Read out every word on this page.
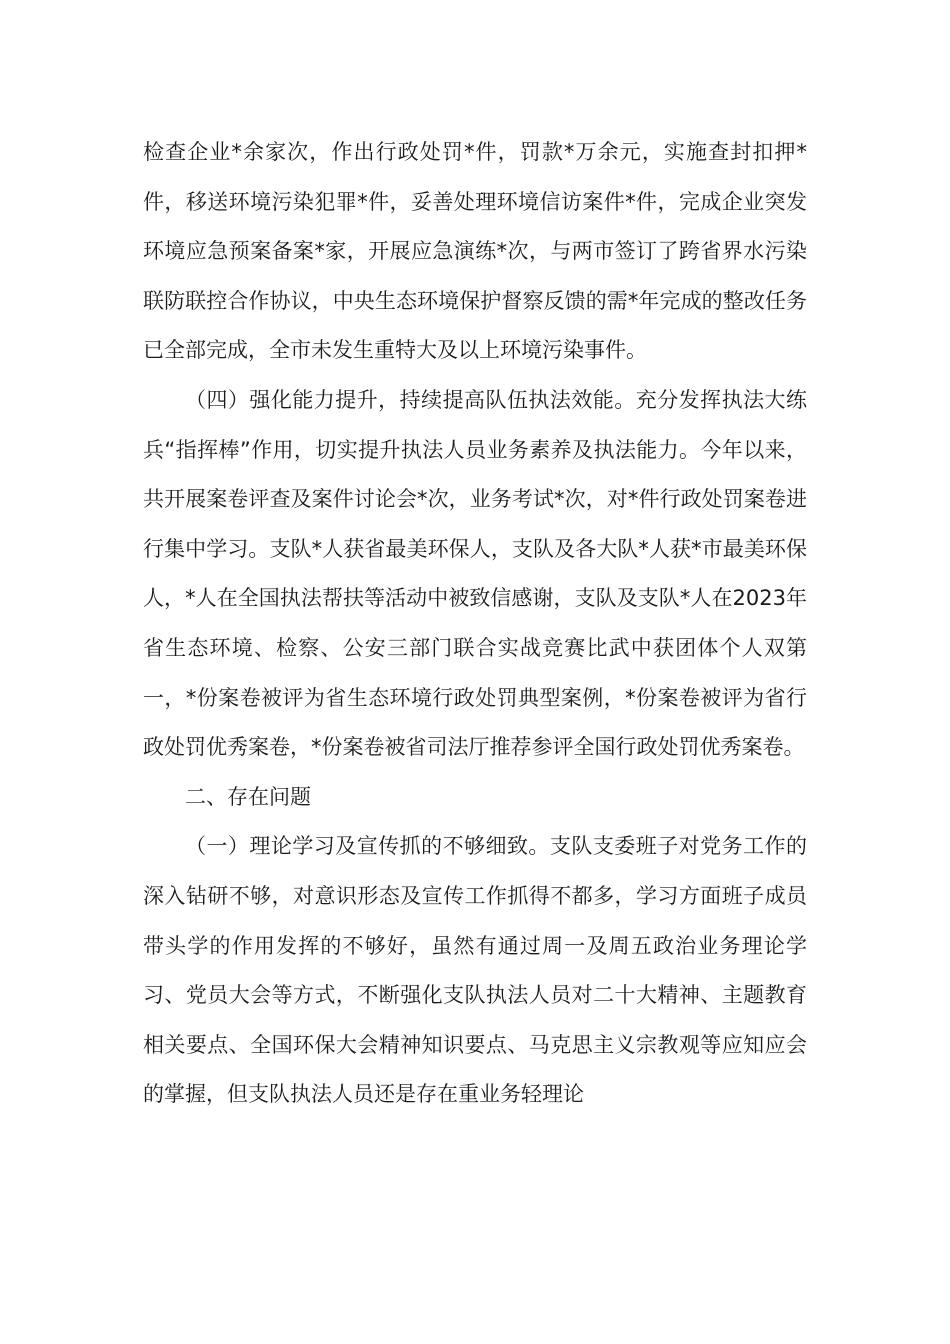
检查企业*余家次，作出行政处罚*件，罚款*万余元，实施查封扣押*件，移送环境污染犯罪*件，妥善处理环境信访案件*件，完成企业突发环境应急预案备案*家，开展应急演练*次，与两市签订了跨省界水污染联防联控合作协议，中央生态环境保护督察反馈的需*年完成的整改任务已全部完成，全市未发生重特大及以上环境污染事件。

（四）强化能力提升，持续提高队伍执法效能。充分发挥执法大练兵“指挥棒”作用，切实提升执法人员业务素养及执法能力。今年以来，共开展案卷评查及案件讨论会*次，业务考试*次，对*件行政处罚案卷进行集中学习。支队*人获省最美环保人，支队及各大队*人获*市最美环保人，*人在全国执法帮扶等活动中被致信感谢，支队及支队*人在2023年省生态环境、检察、公安三部门联合实战竞赛比武中获团体个人双第一，*份案卷被评为省生态环境行政处罚典型案例，*份案卷被评为省行政处罚优秀案卷，*份案卷被省司法厅推荐参评全国行政处罚优秀案卷。

二、存在问题

（一）理论学习及宣传抓的不够细致。支队支委班子对党务工作的深入钻研不够，对意识形态及宣传工作抓得不都多，学习方面班子成员带头学的作用发挥的不够好，虽然有通过周一及周五政治业务理论学习、党员大会等方式，不断强化支队执法人员对二十大精神、主题教育相关要点、全国环保大会精神知识要点、马克思主义宗教观等应知应会的掌握，但支队执法人员还是存在重业务轻理论
